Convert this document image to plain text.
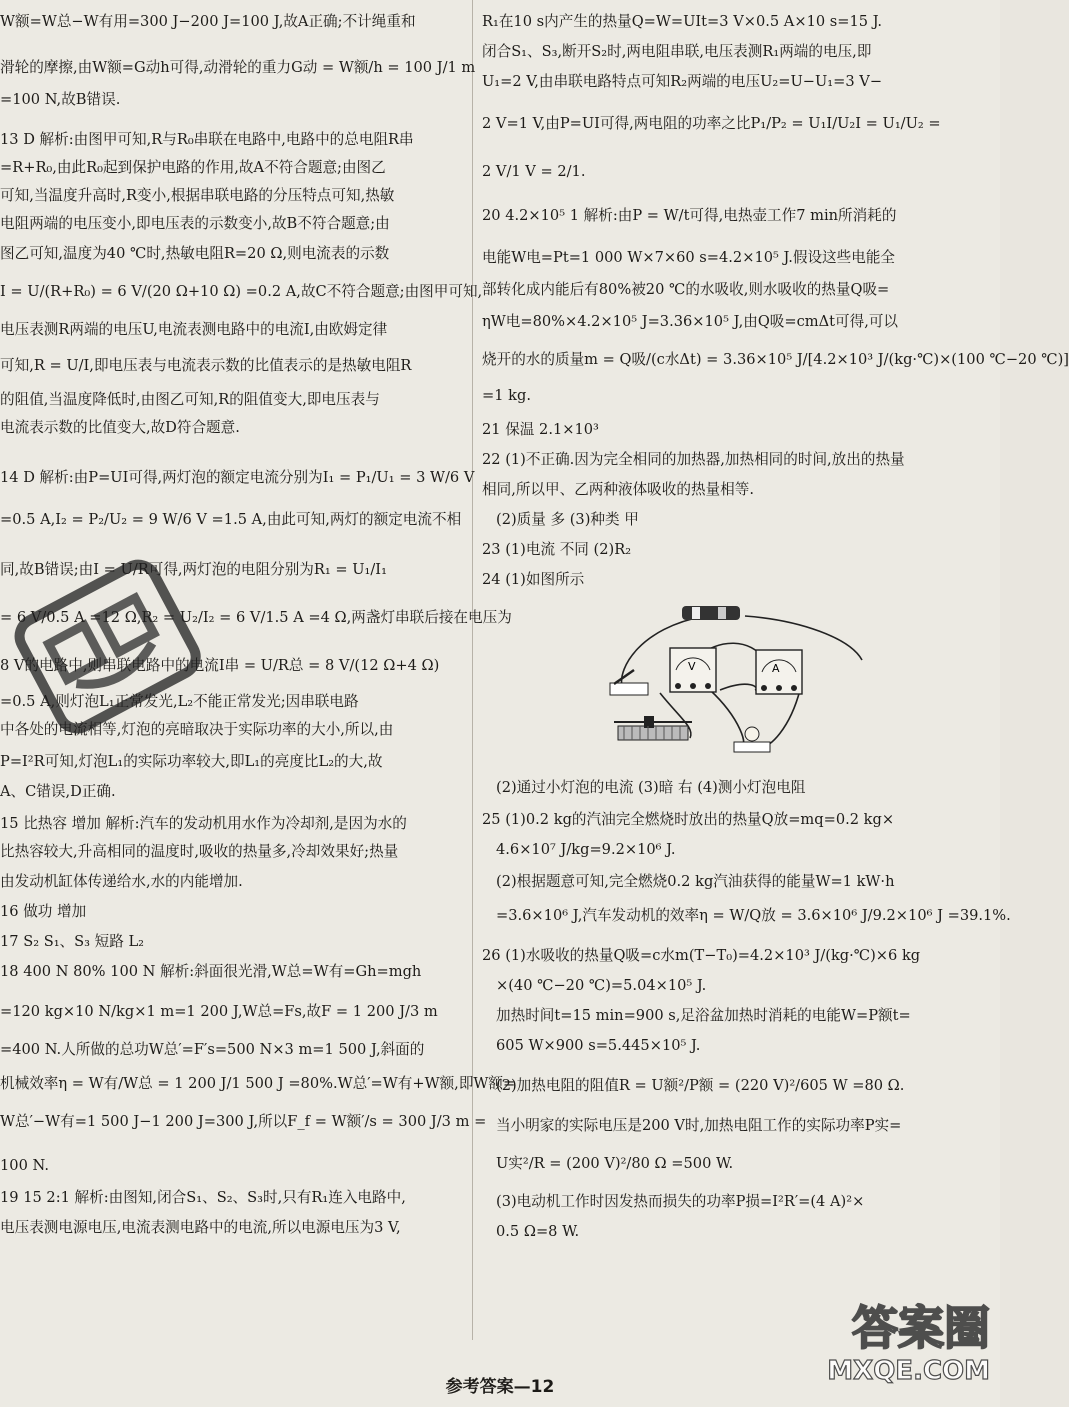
W额=W总−W有用=300 J−200 J=100 J,故A正确;不计绳重和
滑轮的摩擦,由W额=G动h可得,动滑轮的重力G动 = W额/h = 100 J/1 m
=100 N,故B错误.
13 D 解析:由图甲可知,R与R₀串联在电路中,电路中的总电阻R串
=R+R₀,由此R₀起到保护电路的作用,故A不符合题意;由图乙
可知,当温度升高时,R变小,根据串联电路的分压特点可知,热敏
电阻两端的电压变小,即电压表的示数变小,故B不符合题意;由
图乙可知,温度为40 ℃时,热敏电阻R=20 Ω,则电流表的示数
I = U/(R+R₀) = 6 V/(20 Ω+10 Ω) =0.2 A,故C不符合题意;由图甲可知,
电压表测R两端的电压U,电流表测电路中的电流I,由欧姆定律
可知,R = U/I,即电压表与电流表示数的比值表示的是热敏电阻R
的阻值,当温度降低时,由图乙可知,R的阻值变大,即电压表与
电流表示数的比值变大,故D符合题意.
14 D 解析:由P=UI可得,两灯泡的额定电流分别为I₁ = P₁/U₁ = 3 W/6 V
=0.5 A,I₂ = P₂/U₂ = 9 W/6 V =1.5 A,由此可知,两灯的额定电流不相
同,故B错误;由I = U/R可得,两灯泡的电阻分别为R₁ = U₁/I₁
= 6 V/0.5 A =12 Ω,R₂ = U₂/I₂ = 6 V/1.5 A =4 Ω,两盏灯串联后接在电压为
8 V的电路中,则串联电路中的电流I串 = U/R总 = 8 V/(12 Ω+4 Ω)
=0.5 A,则灯泡L₁正常发光,L₂不能正常发光;因串联电路
中各处的电流相等,灯泡的亮暗取决于实际功率的大小,所以,由
P=I²R可知,灯泡L₁的实际功率较大,即L₁的亮度比L₂的大,故
A、C错误,D正确.
15 比热容 增加 解析:汽车的发动机用水作为冷却剂,是因为水的
比热容较大,升高相同的温度时,吸收的热量多,冷却效果好;热量
由发动机缸体传递给水,水的内能增加.
16 做功 增加
17 S₂ S₁、S₃ 短路 L₂
18 400 N 80% 100 N 解析:斜面很光滑,W总=W有=Gh=mgh
=120 kg×10 N/kg×1 m=1 200 J,W总=Fs,故F = 1 200 J/3 m
=400 N.人所做的总功W总′=F′s=500 N×3 m=1 500 J,斜面的
机械效率η = W有/W总 = 1 200 J/1 500 J =80%.W总′=W有+W额,即W额=
W总′−W有=1 500 J−1 200 J=300 J,所以F_f = W额′/s = 300 J/3 m =
100 N.
19 15 2:1 解析:由图知,闭合S₁、S₂、S₃时,只有R₁连入电路中,
电压表测电源电压,电流表测电路中的电流,所以电源电压为3 V,
R₁在10 s内产生的热量Q=W=UIt=3 V×0.5 A×10 s=15 J.
闭合S₁、S₃,断开S₂时,两电阻串联,电压表测R₁两端的电压,即
U₁=2 V,由串联电路特点可知R₂两端的电压U₂=U−U₁=3 V−
2 V=1 V,由P=UI可得,两电阻的功率之比P₁/P₂ = U₁I/U₂I = U₁/U₂ =
2 V/1 V = 2/1.
20 4.2×10⁵ 1 解析:由P = W/t可得,电热壶工作7 min所消耗的
电能W电=Pt=1 000 W×7×60 s=4.2×10⁵ J.假设这些电能全
部转化成内能后有80%被20 ℃的水吸收,则水吸收的热量Q吸=
ηW电=80%×4.2×10⁵ J=3.36×10⁵ J,由Q吸=cmΔt可得,可以
烧开的水的质量m = Q吸/(c水Δt) = 3.36×10⁵ J/[4.2×10³ J/(kg·℃)×(100 ℃−20 ℃)]
=1 kg.
21 保温 2.1×10³
22 (1)不正确.因为完全相同的加热器,加热相同的时间,放出的热量
相同,所以甲、乙两种液体吸收的热量相等.
(2)质量 多 (3)种类 甲
23 (1)电流 不同 (2)R₂
24 (1)如图所示
(2)通过小灯泡的电流 (3)暗 右 (4)测小灯泡电阻
25 (1)0.2 kg的汽油完全燃烧时放出的热量Q放=mq=0.2 kg×
4.6×10⁷ J/kg=9.2×10⁶ J.
(2)根据题意可知,完全燃烧0.2 kg汽油获得的能量W=1 kW·h
=3.6×10⁶ J,汽车发动机的效率η = W/Q放 = 3.6×10⁶ J/9.2×10⁶ J =39.1%.
26 (1)水吸收的热量Q吸=c水m(T−T₀)=4.2×10³ J/(kg·℃)×6 kg
×(40 ℃−20 ℃)=5.04×10⁵ J.
加热时间t=15 min=900 s,足浴盆加热时消耗的电能W=P额t=
605 W×900 s=5.445×10⁵ J.
(2)加热电阻的阻值R = U额²/P额 = (220 V)²/605 W =80 Ω.
当小明家的实际电压是200 V时,加热电阻工作的实际功率P实=
U实²/R = (200 V)²/80 Ω =500 W.
(3)电动机工作时因发热而损失的功率P损=I²R′=(4 A)²×
0.5 Ω=8 W.
V	A
答案圈
MXQE.COM
参考答案—12
